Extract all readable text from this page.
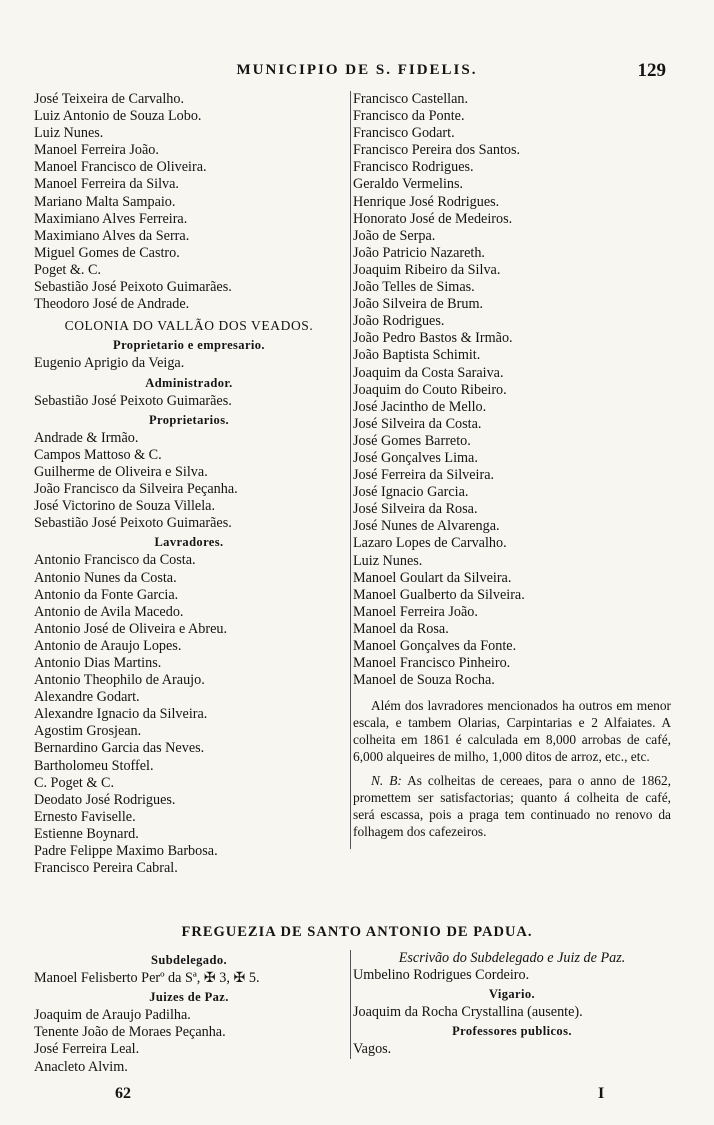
MUNICIPIO DE S. FIDELIS.	129
José Teixeira de Carvalho.
Luiz Antonio de Souza Lobo.
Luiz Nunes.
Manoel Ferreira João.
Manoel Francisco de Oliveira.
Manoel Ferreira da Silva.
Mariano Malta Sampaio.
Maximiano Alves Ferreira.
Maximiano Alves da Serra.
Miguel Gomes de Castro.
Poget &. C.
Sebastião José Peixoto Guimarães.
Theodoro José de Andrade.
COLONIA DO VALLÃO DOS VEADOS.
Proprietario e empresario.
Eugenio Aprigio da Veiga.
Administrador.
Sebastião José Peixoto Guimarães.
Proprietarios.
Andrade & Irmão.
Campos Mattoso & C.
Guilherme de Oliveira e Silva.
João Francisco da Silveira Peçanha.
José Victorino de Souza Villela.
Sebastião José Peixoto Guimarães.
Lavradores.
Antonio Francisco da Costa.
Antonio Nunes da Costa.
Antonio da Fonte Garcia.
Antonio de Avila Macedo.
Antonio José de Oliveira e Abreu.
Antonio de Araujo Lopes.
Antonio Dias Martins.
Antonio Theophilo de Araujo.
Alexandre Godart.
Alexandre Ignacio da Silveira.
Agostim Grosjean.
Bernardino Garcia das Neves.
Bartholomeu Stoffel.
C. Poget & C.
Deodato José Rodrigues.
Ernesto Faviselle.
Estienne Boynard.
Padre Felippe Maximo Barbosa.
Francisco Pereira Cabral.
Francisco Castellan.
Francisco da Ponte.
Francisco Godart.
Francisco Pereira dos Santos.
Francisco Rodrigues.
Geraldo Vermelins.
Henrique José Rodrigues.
Honorato José de Medeiros.
João de Serpa.
João Patricio Nazareth.
Joaquim Ribeiro da Silva.
João Telles de Simas.
João Silveira de Brum.
João Rodrigues.
João Pedro Bastos & Irmão.
João Baptista Schimit.
Joaquim da Costa Saraiva.
Joaquim do Couto Ribeiro.
José Jacintho de Mello.
José Silveira da Costa.
José Gomes Barreto.
José Gonçalves Lima.
José Ferreira da Silveira.
José Ignacio Garcia.
José Silveira da Rosa.
José Nunes de Alvarenga.
Lazaro Lopes de Carvalho.
Luiz Nunes.
Manoel Goulart da Silveira.
Manoel Gualberto da Silveira.
Manoel Ferreira João.
Manoel da Rosa.
Manoel Gonçalves da Fonte.
Manoel Francisco Pinheiro.
Manoel de Souza Rocha.

Além dos lavradores mencionados ha outros em menor escala, e tambem Olarias, Carpintarias e 2 Alfaiates. A colheita em 1861 é calculada em 8,000 arrobas de café, 6,000 alqueires de milho, 1,000 ditos de arroz, etc., etc.

N. B: As colheitas de cereaes, para o anno de 1862, promettem ser satisfactorias; quanto á colheita de café, será escassa, pois a praga tem continuado no renovo da folhagem dos cafezeiros.

FREGUEZIA DE SANTO ANTONIO DE PADUA.
Subdelegado.
Manoel Felisberto Perº da Sª, ✠ 3, ✠ 5.
Juizes de Paz.
Joaquim de Araujo Padilha.
Tenente João de Moraes Peçanha.
José Ferreira Leal.
Anacleto Alvim.
Escrivão do Subdelegado e Juiz de Paz.
Umbelino Rodrigues Cordeiro.
Vigario.
Joaquim da Rocha Crystallina (ausente).
Professores publicos.
Vagos.
62	I
